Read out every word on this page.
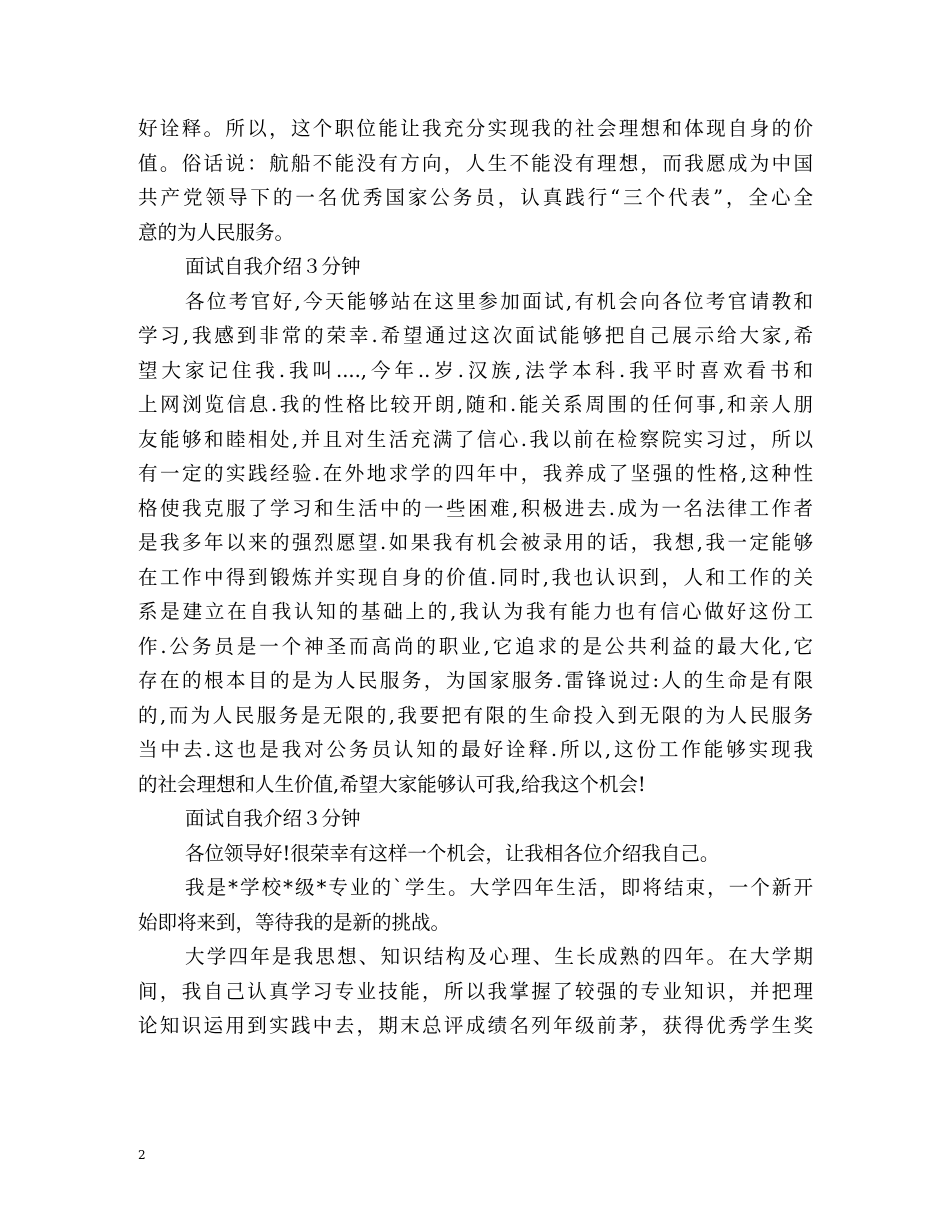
好诠释。所以，这个职位能让我充分实现我的社会理想和体现自身的价
值。俗话说：航船不能没有方向，人生不能没有理想，而我愿成为中国
共产党领导下的一名优秀国家公务员，认真践行“三个代表”，全心全
意的为人民服务。
面试自我介绍３分钟
各位考官好,今天能够站在这里参加面试,有机会向各位考官请教和
学习,我感到非常的荣幸.希望通过这次面试能够把自己展示给大家,希
望大家记住我.我叫....,今年..岁.汉族,法学本科.我平时喜欢看书和
上网浏览信息.我的性格比较开朗,随和.能关系周围的任何事,和亲人朋
友能够和睦相处,并且对生活充满了信心.我以前在检察院实习过，所以
有一定的实践经验.在外地求学的四年中，我养成了坚强的性格,这种性
格使我克服了学习和生活中的一些困难,积极进去.成为一名法律工作者
是我多年以来的强烈愿望.如果我有机会被录用的话，我想,我一定能够
在工作中得到锻炼并实现自身的价值.同时,我也认识到，人和工作的关
系是建立在自我认知的基础上的,我认为我有能力也有信心做好这份工
作.公务员是一个神圣而高尚的职业,它追求的是公共利益的最大化,它
存在的根本目的是为人民服务，为国家服务.雷锋说过:人的生命是有限
的,而为人民服务是无限的,我要把有限的生命投入到无限的为人民服务
当中去.这也是我对公务员认知的最好诠释.所以,这份工作能够实现我
的社会理想和人生价值,希望大家能够认可我,给我这个机会!
面试自我介绍３分钟
各位领导好!很荣幸有这样一个机会，让我相各位介绍我自己。
我是*学校*级*专业的`学生。大学四年生活，即将结束，一个新开
始即将来到，等待我的是新的挑战。
大学四年是我思想、知识结构及心理、生长成熟的四年。在大学期
间，我自己认真学习专业技能，所以我掌握了较强的专业知识，并把理
论知识运用到实践中去，期末总评成绩名列年级前茅，获得优秀学生奖
2
